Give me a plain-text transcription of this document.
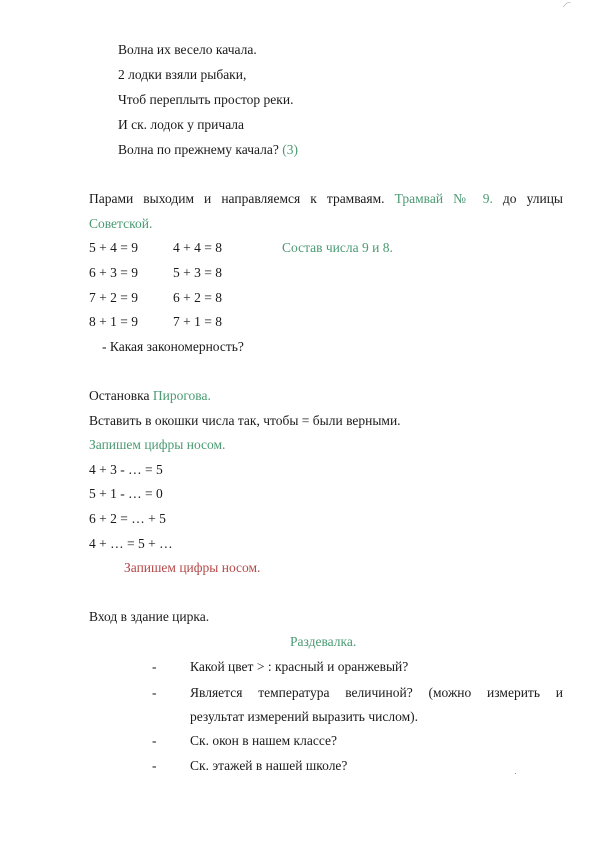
Волна их весело качала.
2 лодки взяли рыбаки,
Чтоб переплыть простор реки.
И ск. лодок у причала
Волна по прежнему качала? (3)
Парами выходим и направляемся к трамваям. Трамвай № 9. до улицы
Советской.
5 + 4 = 9	4 + 4 = 8	Состав числа 9 и 8.
6 + 3 = 9	5 + 3 = 8
7 + 2 = 9	6 + 2 = 8
8 + 1 = 9	7 + 1 = 8
- Какая закономерность?
Остановка Пирогова.
Вставить в окошки числа так, чтобы = были верными.
Запишем цифры носом.
4 + 3 - … = 5
5 + 1 - … = 0
6 + 2 = … + 5
4 + … = 5 + …
Запишем цифры носом.
Вход в здание цирка.
Раздевалка.
- Какой цвет > : красный и оранжевый?
- Является температура величиной? (можно измерить и
результат измерений выразить числом).
- Ск. окон в нашем классе?
- Ск. этажей в нашей школе?
